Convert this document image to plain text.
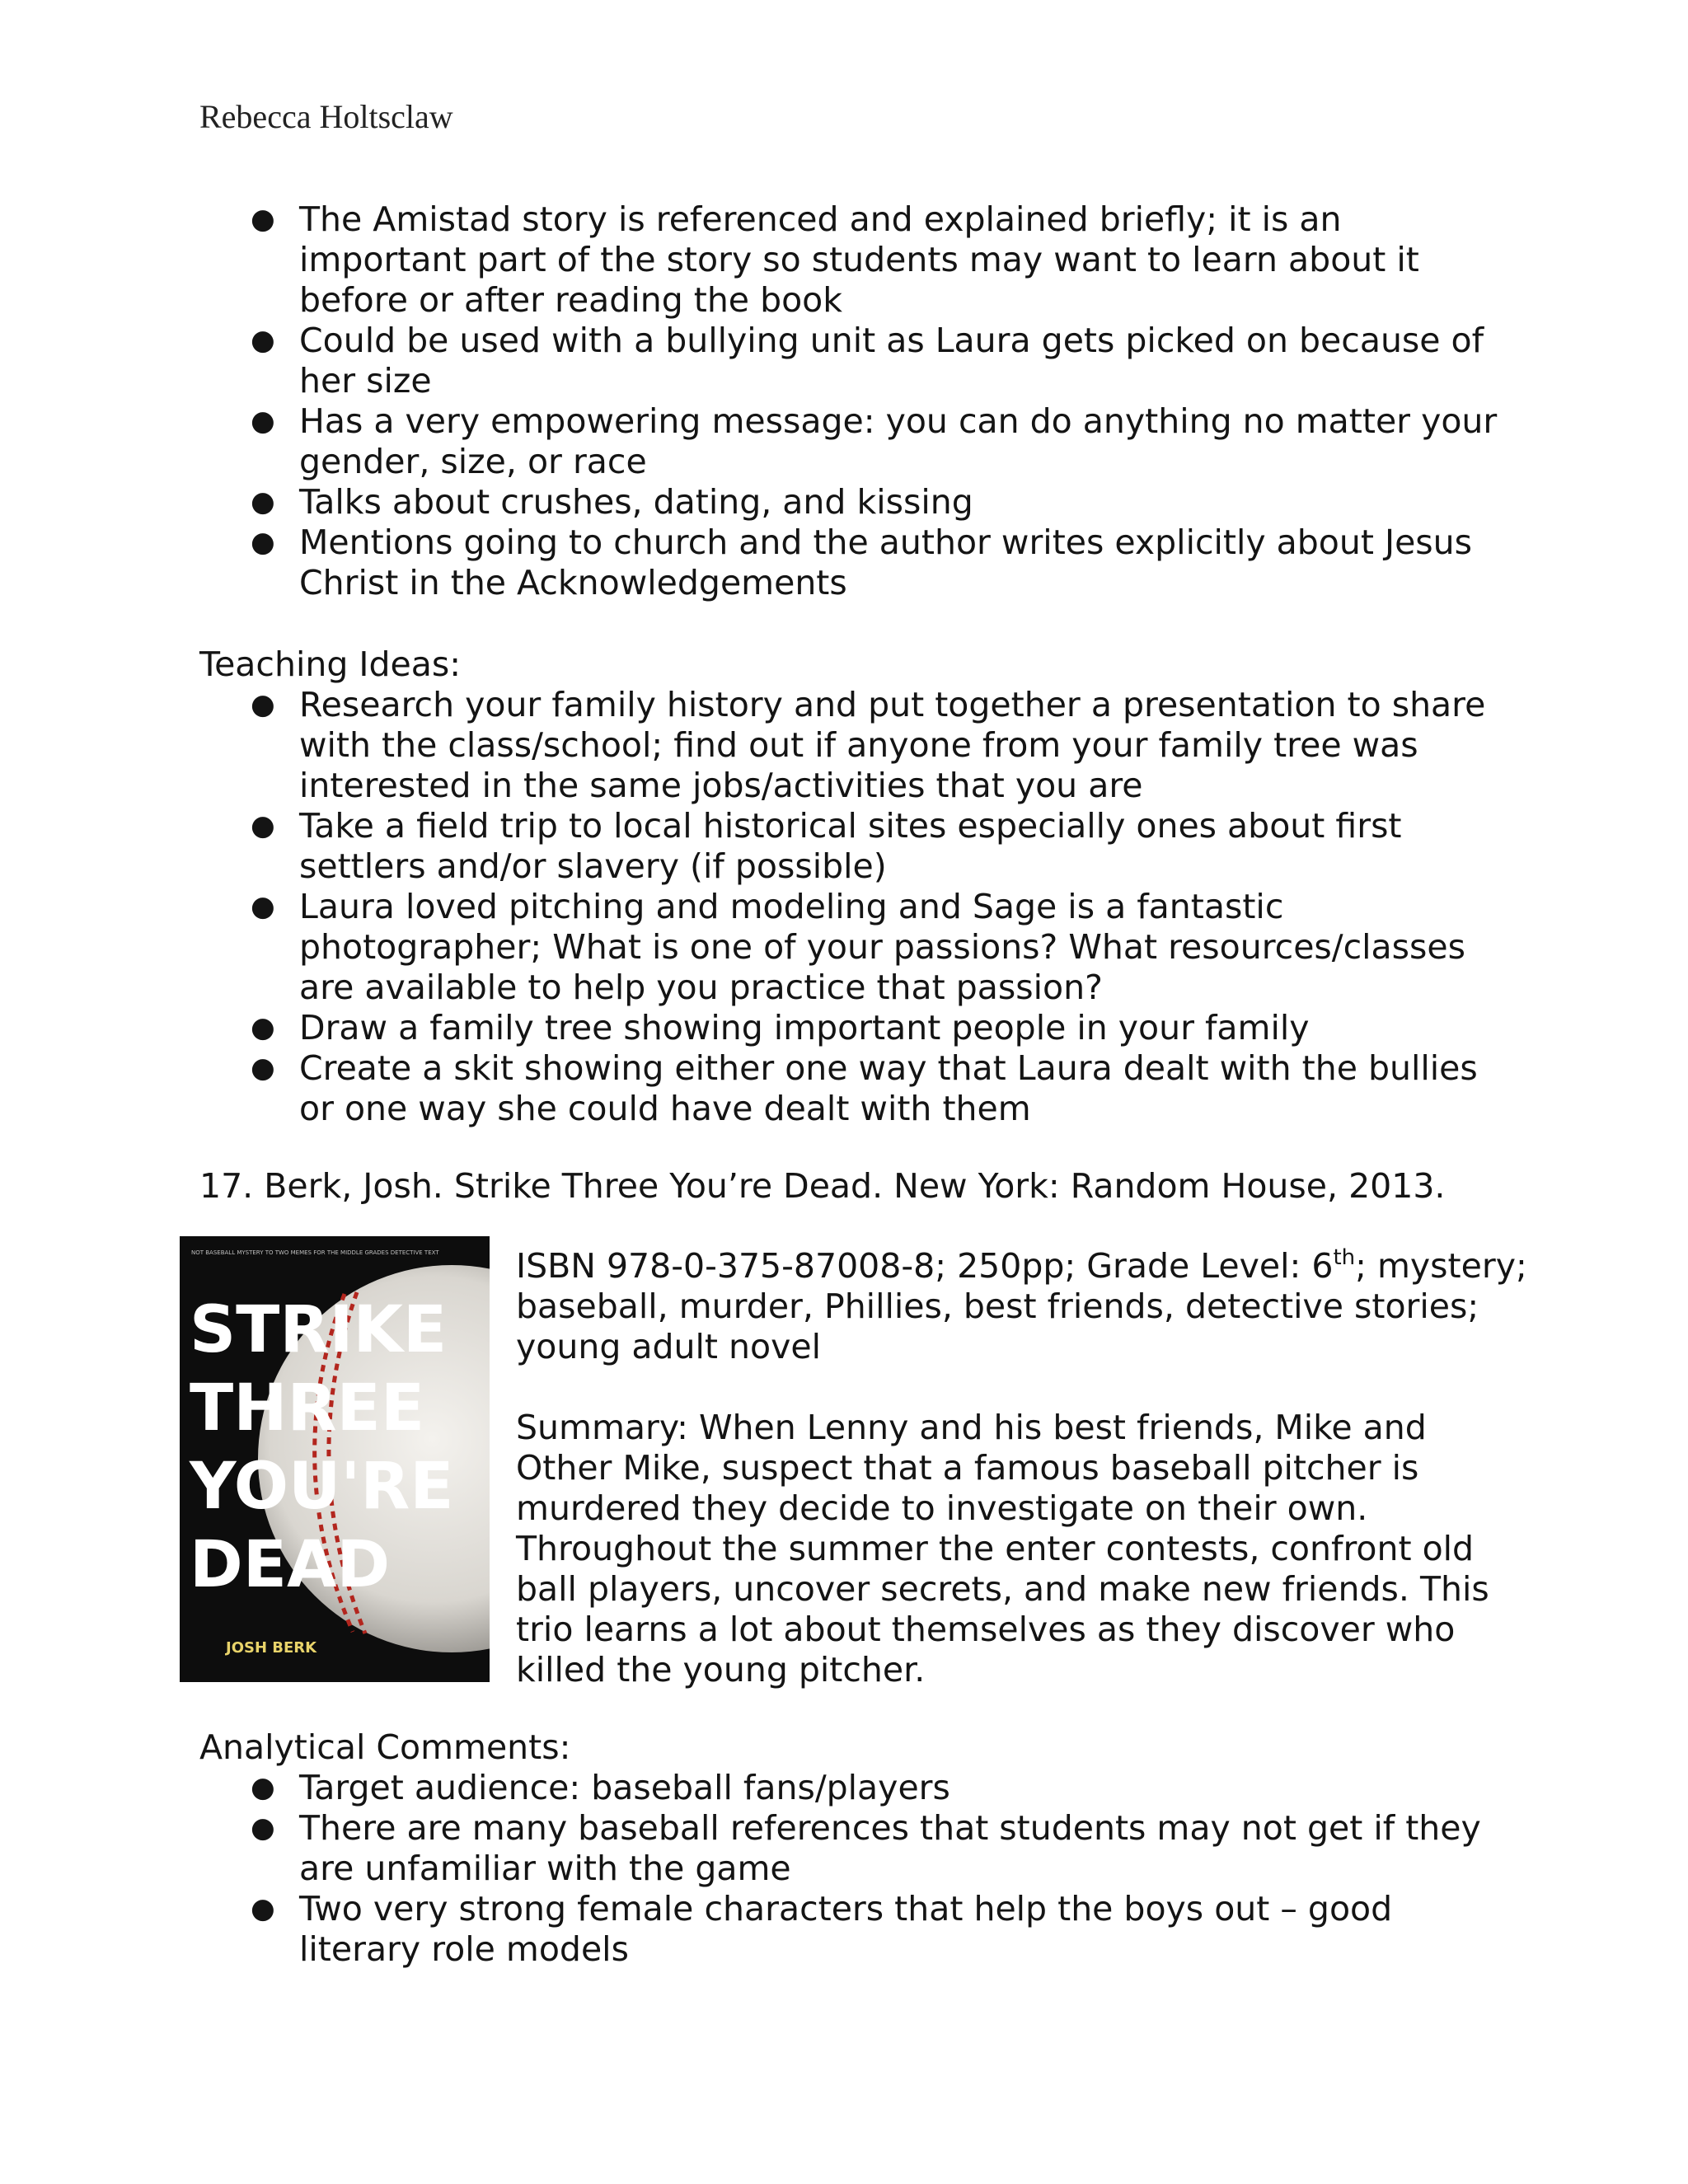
Rebecca Holtsclaw
● The Amistad story is referenced and explained briefly; it is an important part of the story so students may want to learn about it before or after reading the book
● Could be used with a bullying unit as Laura gets picked on because of her size
● Has a very empowering message: you can do anything no matter your gender, size, or race
● Talks about crushes, dating, and kissing
● Mentions going to church and the author writes explicitly about Jesus Christ in the Acknowledgements
Teaching Ideas:
● Research your family history and put together a presentation to share with the class/school; find out if anyone from your family tree was interested in the same jobs/activities that you are
● Take a field trip to local historical sites especially ones about first settlers and/or slavery (if possible)
● Laura loved pitching and modeling and Sage is a fantastic photographer; What is one of your passions? What resources/classes are available to help you practice that passion?
● Draw a family tree showing important people in your family
● Create a skit showing either one way that Laura dealt with the bullies or one way she could have dealt with them
17. Berk, Josh. Strike Three You’re Dead. New York: Random House, 2013.
NOT BASEBALL MYSTERY TO TWO MEMES FOR THE MIDDLE GRADES DETECTIVE TEXT
STRIKE
THREE
YOU'RE
DEAD
JOSH BERK
ISBN 978-0-375-87008-8; 250pp; Grade Level: 6th; mystery; baseball, murder, Phillies, best friends, detective stories; young adult novel
Summary: When Lenny and his best friends, Mike and Other Mike, suspect that a famous baseball pitcher is murdered they decide to investigate on their own. Throughout the summer the enter contests, confront old ball players, uncover secrets, and make new friends. This trio learns a lot about themselves as they discover who killed the young pitcher.
Analytical Comments:
● Target audience: baseball fans/players
● There are many baseball references that students may not get if they are unfamiliar with the game
● Two very strong female characters that help the boys out – good literary role models
